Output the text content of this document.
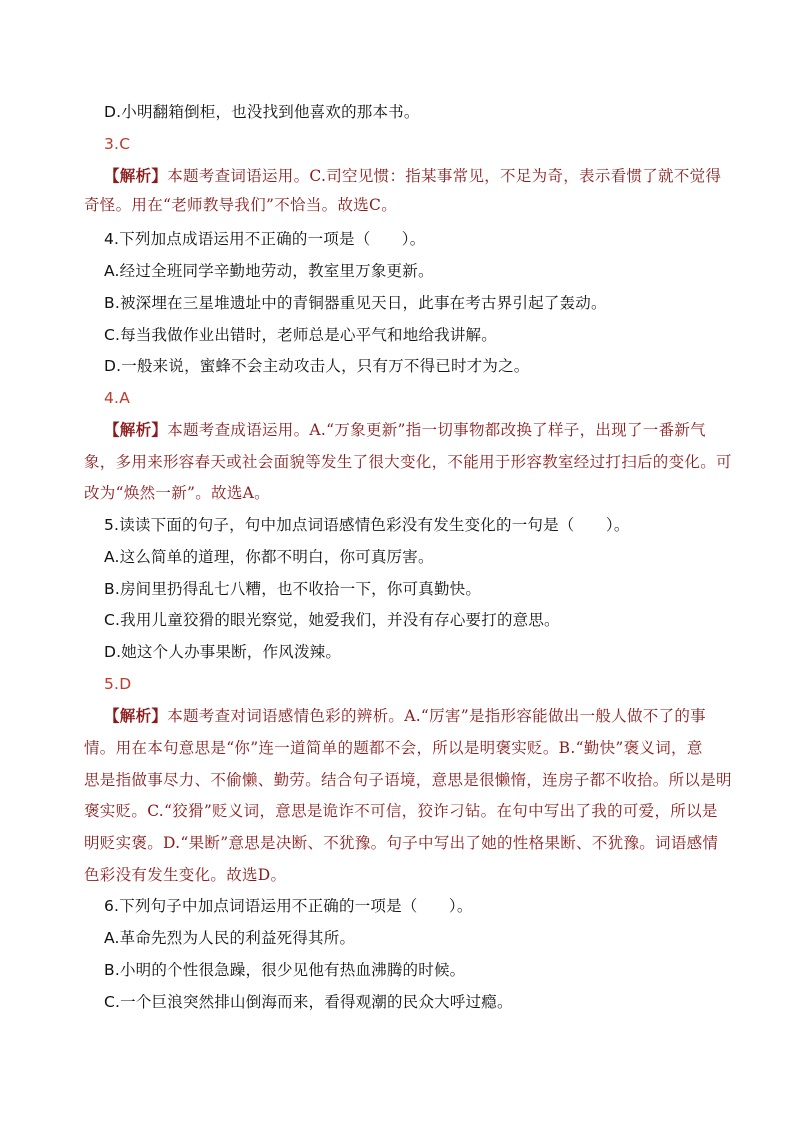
D.小明翻箱倒柜，也没找到他喜欢的那本书。
3.C
【解析】本题考查词语运用。C.司空见惯：指某事常见，不足为奇，表示看惯了就不觉得
奇怪。用在“老师教导我们”不恰当。故选C。
4.下列加点成语运用不正确的一项是（　　）。
A.经过全班同学辛勤地劳动，教室里万象更新。
B.被深埋在三星堆遗址中的青铜器重见天日，此事在考古界引起了轰动。
C.每当我做作业出错时，老师总是心平气和地给我讲解。
D.一般来说，蜜蜂不会主动攻击人，只有万不得已时才为之。
4.A
【解析】本题考查成语运用。A.“万象更新”指一切事物都改换了样子，出现了一番新气
象，多用来形容春天或社会面貌等发生了很大变化，不能用于形容教室经过打扫后的变化。可
改为“焕然一新”。故选A。
5.读读下面的句子，句中加点词语感情色彩没有发生变化的一句是（　　）。
A.这么简单的道理，你都不明白，你可真厉害。
B.房间里扔得乱七八糟，也不收拾一下，你可真勤快。
C.我用儿童狡猾的眼光察觉，她爱我们，并没有存心要打的意思。
D.她这个人办事果断，作风泼辣。
5.D
【解析】本题考查对词语感情色彩的辨析。A.“厉害”是指形容能做出一般人做不了的事
情。用在本句意思是“你”连一道简单的题都不会，所以是明褒实贬。B.“勤快”褒义词，意
思是指做事尽力、不偷懒、勤劳。结合句子语境，意思是很懒惰，连房子都不收拾。所以是明
褒实贬。C.“狡猾”贬义词，意思是诡诈不可信，狡诈刁钻。在句中写出了我的可爱，所以是
明贬实褒。D.“果断”意思是决断、不犹豫。句子中写出了她的性格果断、不犹豫。词语感情
色彩没有发生变化。故选D。
6.下列句子中加点词语运用不正确的一项是（　　）。
A.革命先烈为人民的利益死得其所。
B.小明的个性很急躁，很少见他有热血沸腾的时候。
C.一个巨浪突然排山倒海而来，看得观潮的民众大呼过瘾。
